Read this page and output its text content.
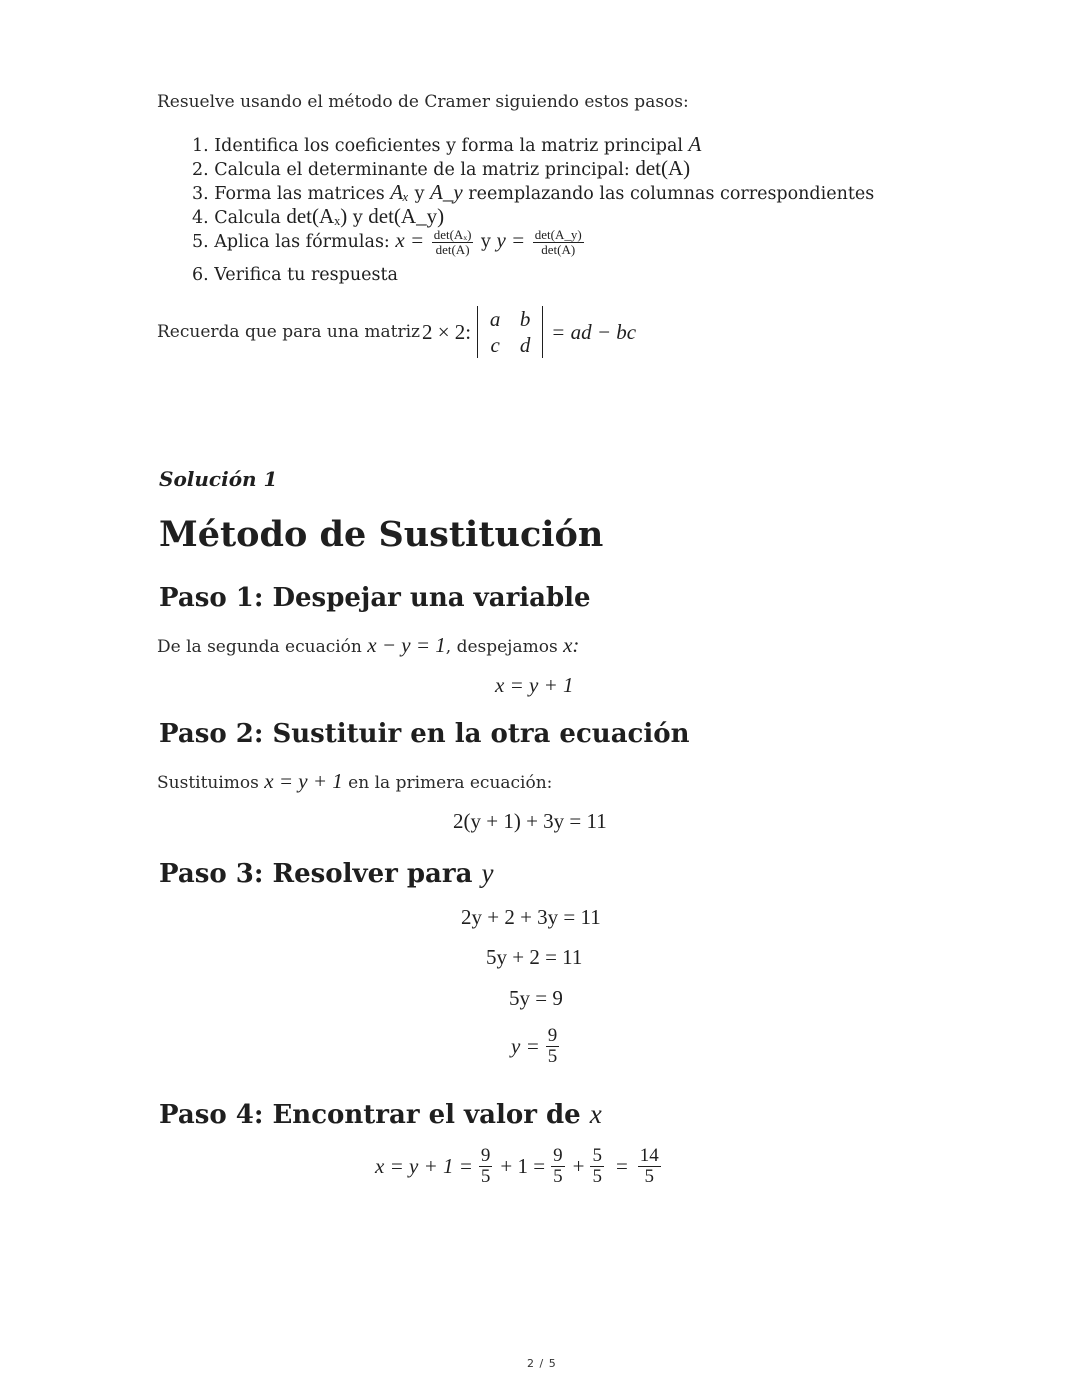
Resuelve usando el método de Cramer siguiendo estos pasos:
1. Identifica los coeficientes y forma la matriz principal A
2. Calcula el determinante de la matriz principal: det(A)
3. Forma las matrices Aₓ y A_y reemplazando las columnas correspondientes
4. Calcula det(Aₓ) y det(A_y)
5. Aplica las fórmulas: $x = \frac{\text{det(Aₓ)}}{\det(A)}$ y $y = \frac{\det(A\_y)}{\det(A)}$
6. Verifica tu respuesta
Recuerda que para una matriz 2 × 2:
a b
c d
= ad − bc
Solución 1
Método de Sustitución
Paso 1: Despejar una variable
De la segunda ecuación x − y = 1, despejamos x:
x = y + 1
Paso 2: Sustituir en la otra ecuación
Sustituimos x = y + 1 en la primera ecuación:
2(y + 1) + 3y = 11
Paso 3: Resolver para y
2y + 2 + 3y = 11
5y + 2 = 11
5y = 9
$y = \frac{9}{5}$
Paso 4: Encontrar el valor de x
$x = y + 1 = \frac{9}{5} + 1 = \frac{9}{5} + \frac{5}{5} = \frac{14}{5}$
2 / 5
